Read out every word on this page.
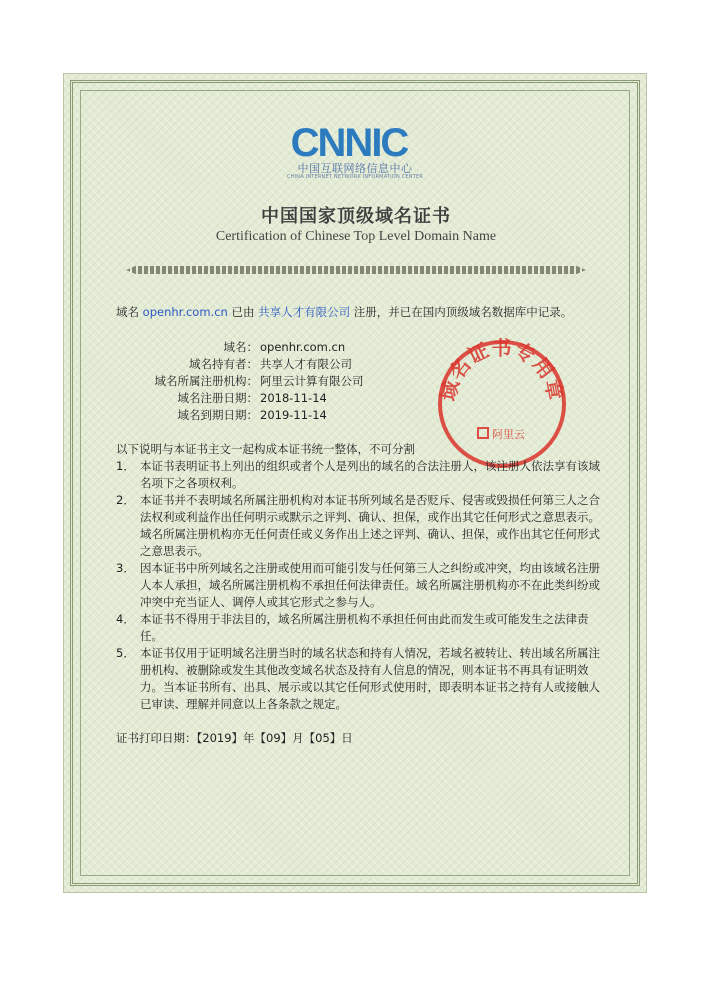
CNNIC
中国互联网络信息中心
CHINA INTERNET NETWORK INFORMATION CENTER
中国国家顶级域名证书
Certification of Chinese Top Level Domain Name
域名 openhr.com.cn 已由 共享人才有限公司 注册，并已在国内顶级域名数据库中记录。
域名： openhr.com.cn
域名持有者： 共享人才有限公司
域名所属注册机构： 阿里云计算有限公司
域名注册日期： 2018-11-14
域名到期日期： 2019-11-14
域名证书专用章
阿里云
以下说明与本证书主文一起构成本证书统一整体，不可分割
1． 本证书表明证书上列出的组织或者个人是列出的域名的合法注册人，该注册人依法享有该域名项下之各项权利。
2． 本证书并不表明域名所属注册机构对本证书所列域名是否贬斥、侵害或毁损任何第三人之合法权利或利益作出任何明示或默示之评判、确认、担保，或作出其它任何形式之意思表示。域名所属注册机构亦无任何责任或义务作出上述之评判、确认、担保，或作出其它任何形式之意思表示。
3． 因本证书中所列域名之注册或使用而可能引发与任何第三人之纠纷或冲突，均由该域名注册人本人承担，域名所属注册机构不承担任何法律责任。域名所属注册机构亦不在此类纠纷或冲突中充当证人、调停人或其它形式之参与人。
4． 本证书不得用于非法目的，域名所属注册机构不承担任何由此而发生或可能发生之法律责任。
5． 本证书仅用于证明域名注册当时的域名状态和持有人情况，若域名被转让、转出域名所属注册机构、被删除或发生其他改变域名状态及持有人信息的情况，则本证书不再具有证明效力。当本证书所有、出具、展示或以其它任何形式使用时，即表明本证书之持有人或接触人已审读、理解并同意以上各条款之规定。
证书打印日期：【2019】年【09】月【05】日
